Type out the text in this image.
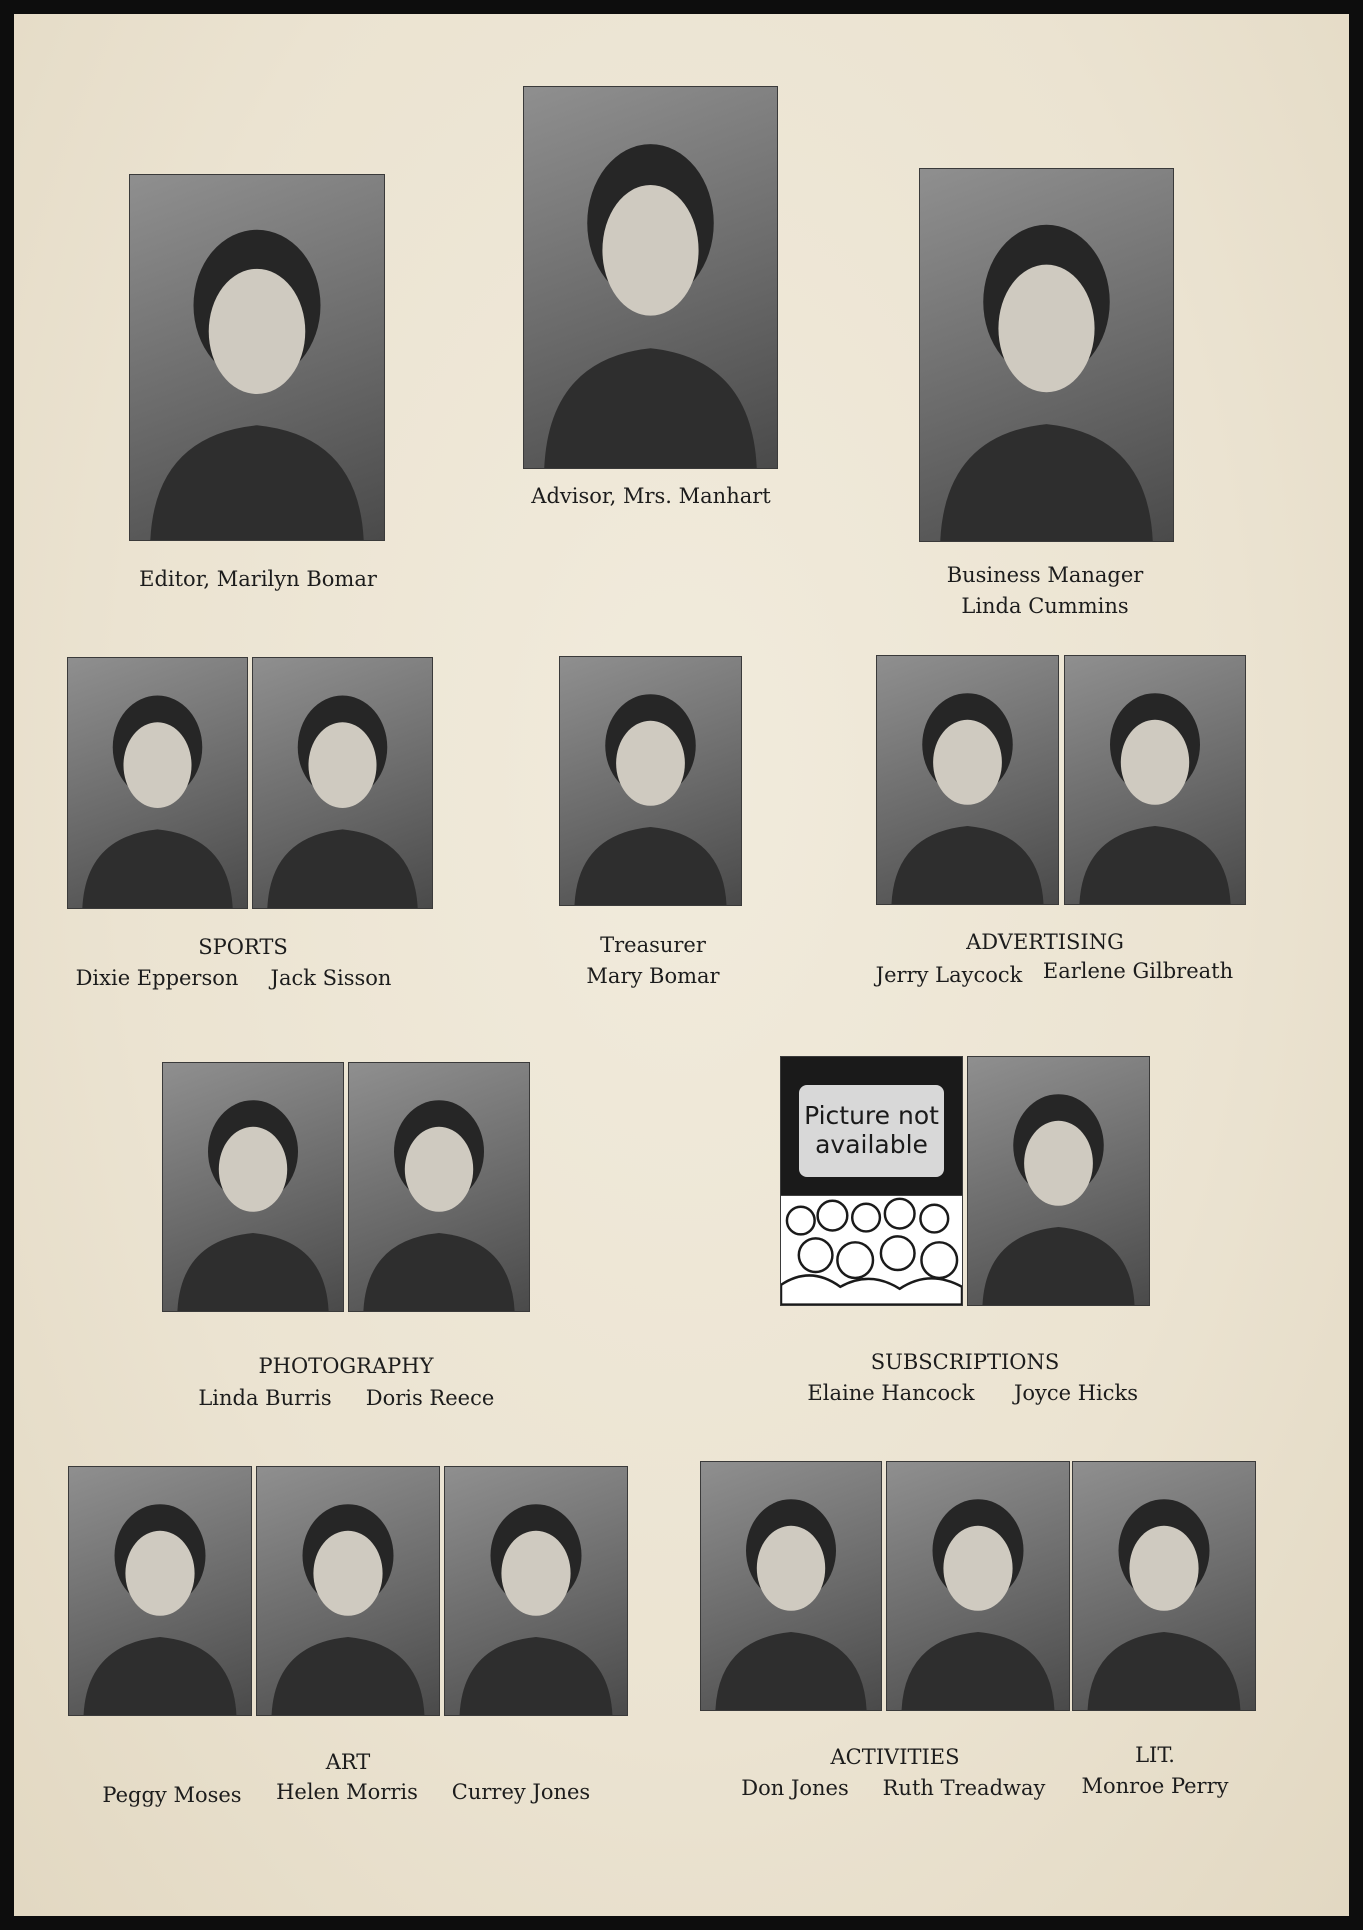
Editor, Marilyn Bomar
Advisor, Mrs. Manhart
Business Manager
Linda Cummins
SPORTS
Dixie Epperson Jack Sisson
Treasurer
Mary Bomar
ADVERTISING
Jerry Laycock Earlene Gilbreath
Picture not
available
PHOTOGRAPHY
Linda Burris Doris Reece
SUBSCRIPTIONS
Elaine Hancock Joyce Hicks
ART
Peggy Moses Helen Morris Currey Jones
ACTIVITIES
Don Jones Ruth Treadway
LIT.
Monroe Perry
